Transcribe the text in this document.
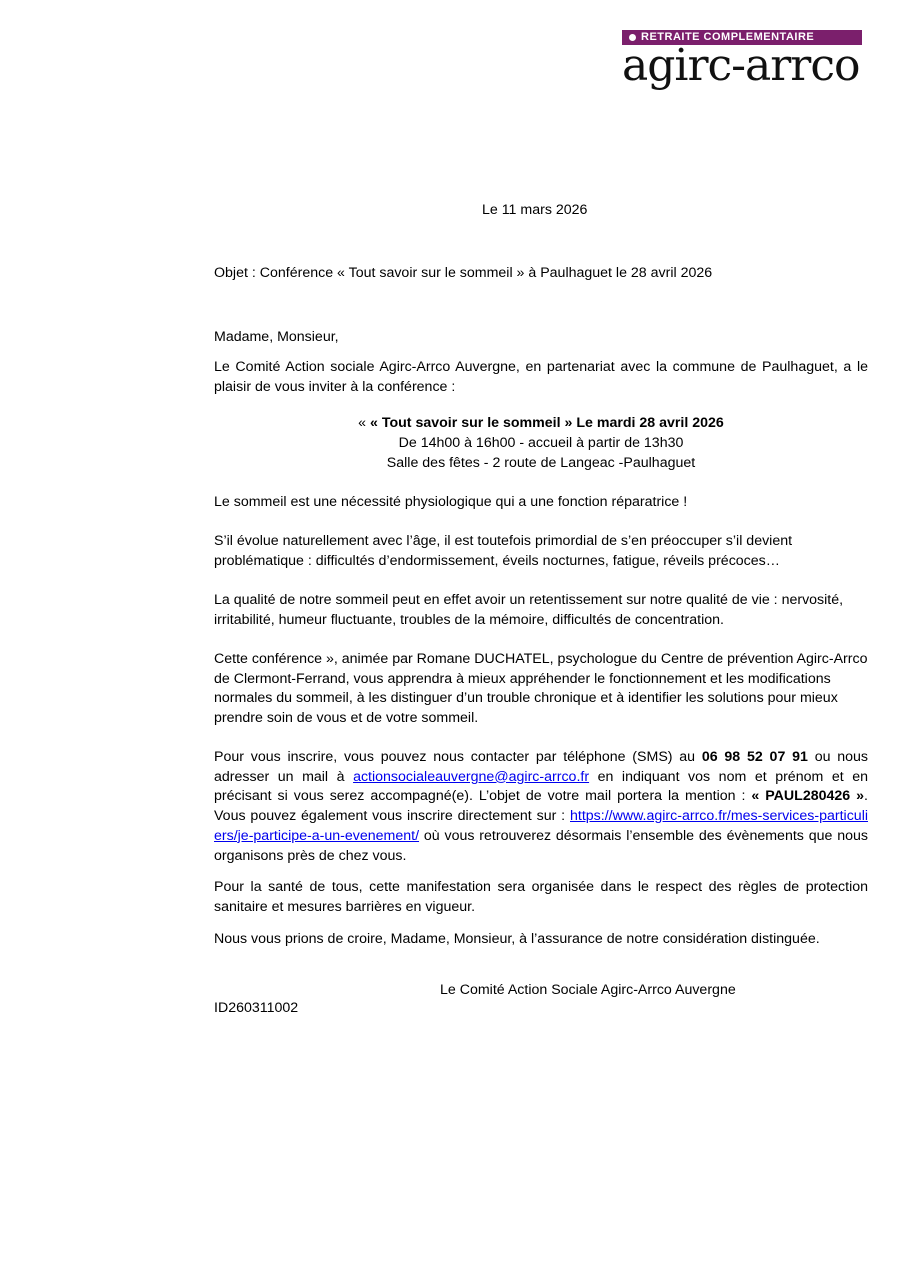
RETRAITE COMPLEMENTAIRE
agirc-arrco
Le 11 mars 2026
Objet : Conférence « Tout savoir sur le sommeil » à Paulhaguet le 28 avril 2026
Madame, Monsieur,

Le Comité Action sociale Agirc-Arrco Auvergne, en partenariat avec la commune de Paulhaguet, a le plaisir de vous inviter à la conférence :

« « Tout savoir sur le sommeil » Le mardi 28 avril 2026
De 14h00 à 16h00 - accueil à partir de 13h30
Salle des fêtes - 2 route de Langeac -Paulhaguet

Le sommeil est une nécessité physiologique qui a une fonction réparatrice !

S’il évolue naturellement avec l’âge, il est toutefois primordial de s’en préoccuper s’il devient problématique : difficultés d’endormissement, éveils nocturnes, fatigue, réveils précoces…

La qualité de notre sommeil peut en effet avoir un retentissement sur notre qualité de vie : nervosité, irritabilité, humeur fluctuante, troubles de la mémoire, difficultés de concentration.

Cette conférence », animée par Romane DUCHATEL, psychologue du Centre de prévention Agirc-Arrco de Clermont-Ferrand, vous apprendra à mieux appréhender le fonctionnement et les modifications normales du sommeil, à les distinguer d’un trouble chronique et à identifier les solutions pour mieux prendre soin de vous et de votre sommeil.

Pour vous inscrire, vous pouvez nous contacter par téléphone (SMS) au 06 98 52 07 91 ou nous adresser un mail à actionsocialeauvergne@agirc-arrco.fr en indiquant vos nom et prénom et en précisant si vous serez accompagné(e). L’objet de votre mail portera la mention : « PAUL280426 ». Vous pouvez également vous inscrire directement sur : https://www.agirc-arrco.fr/mes-services-particuliers/je-participe-a-un-evenement/ où vous retrouverez désormais l’ensemble des évènements que nous organisons près de chez vous.

Pour la santé de tous, cette manifestation sera organisée dans le respect des règles de protection sanitaire et mesures barrières en vigueur.

Nous vous prions de croire, Madame, Monsieur, à l’assurance de notre considération distinguée.

Le Comité Action Sociale Agirc-Arrco Auvergne
ID260311002
